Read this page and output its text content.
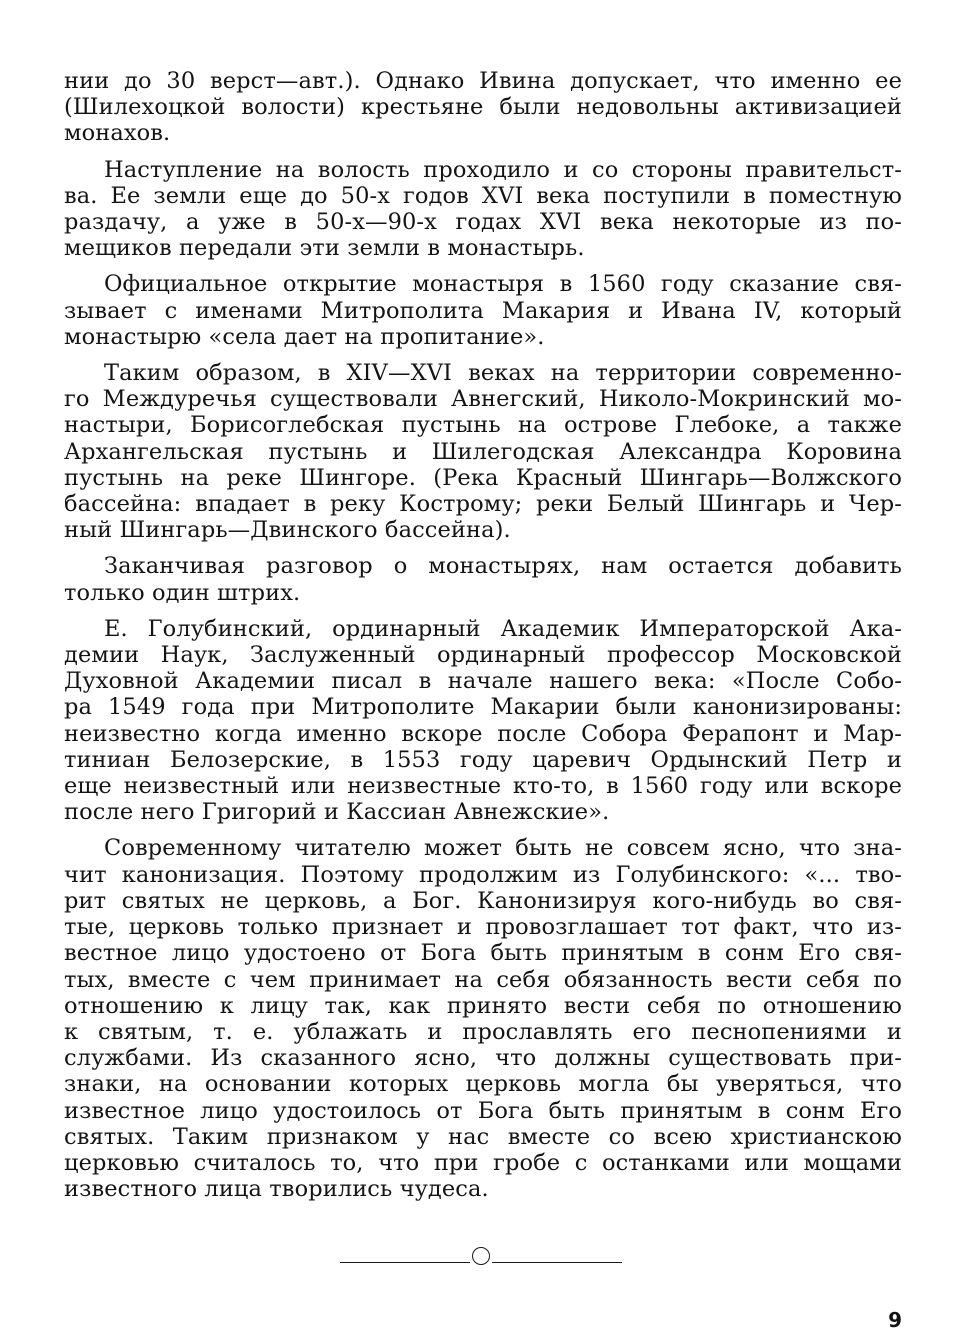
нии до 30 верст—авт.). Однако Ивина допускает, что именно ее
(Шилехоцкой волости) крестьяне были недовольны активизацией
монахов.

Наступление на волость проходило и со стороны правительст-
ва. Ее земли еще до 50-х годов XVI века поступили в поместную
раздачу, а уже в 50-х—90-х годах XVI века некоторые из по-
мещиков передали эти земли в монастырь.

Официальное открытие монастыря в 1560 году сказание свя-
зывает с именами Митрополита Макария и Ивана IV, который
монастырю «села дает на пропитание».

Таким образом, в XIV—XVI веках на территории современно-
го Междуречья существовали Авнегский, Николо-Мокринский мо-
настыри, Борисоглебская пустынь на острове Глебоке, а также
Архангельская пустынь и Шилегодская Александра Коровина
пустынь на реке Шингоре. (Река Красный Шингарь—Волжского
бассейна: впадает в реку Кострому; реки Белый Шингарь и Чер-
ный Шингарь—Двинского бассейна).

Заканчивая разговор о монастырях, нам остается добавить
только один штрих.

Е. Голубинский, ординарный Академик Императорской Ака-
демии Наук, Заслуженный ординарный профессор Московской
Духовной Академии писал в начале нашего века: «После Собо-
ра 1549 года при Митрополите Макарии были канонизированы:
неизвестно когда именно вскоре после Собора Ферапонт и Мар-
тиниан Белозерские, в 1553 году царевич Ордынский Петр и
еще неизвестный или неизвестные кто-то, в 1560 году или вскоре
после него Григорий и Кассиан Авнежские».

Современному читателю может быть не совсем ясно, что зна-
чит канонизация. Поэтому продолжим из Голубинского: «... тво-
рит святых не церковь, а Бог. Канонизируя кого-нибудь во свя-
тые, церковь только признает и провозглашает тот факт, что из-
вестное лицо удостоено от Бога быть принятым в сонм Его свя-
тых, вместе с чем принимает на себя обязанность вести себя по
отношению к лицу так, как принято вести себя по отношению
к святым, т. е. ублажать и прославлять его песнопениями и
службами. Из сказанного ясно, что должны существовать при-
знаки, на основании которых церковь могла бы уверяться, что
известное лицо удостоилось от Бога быть принятым в сонм Его
святых. Таким признаком у нас вместе со всею христианскою
церковью считалось то, что при гробе с останками или мощами
известного лица творились чудеса.

9
